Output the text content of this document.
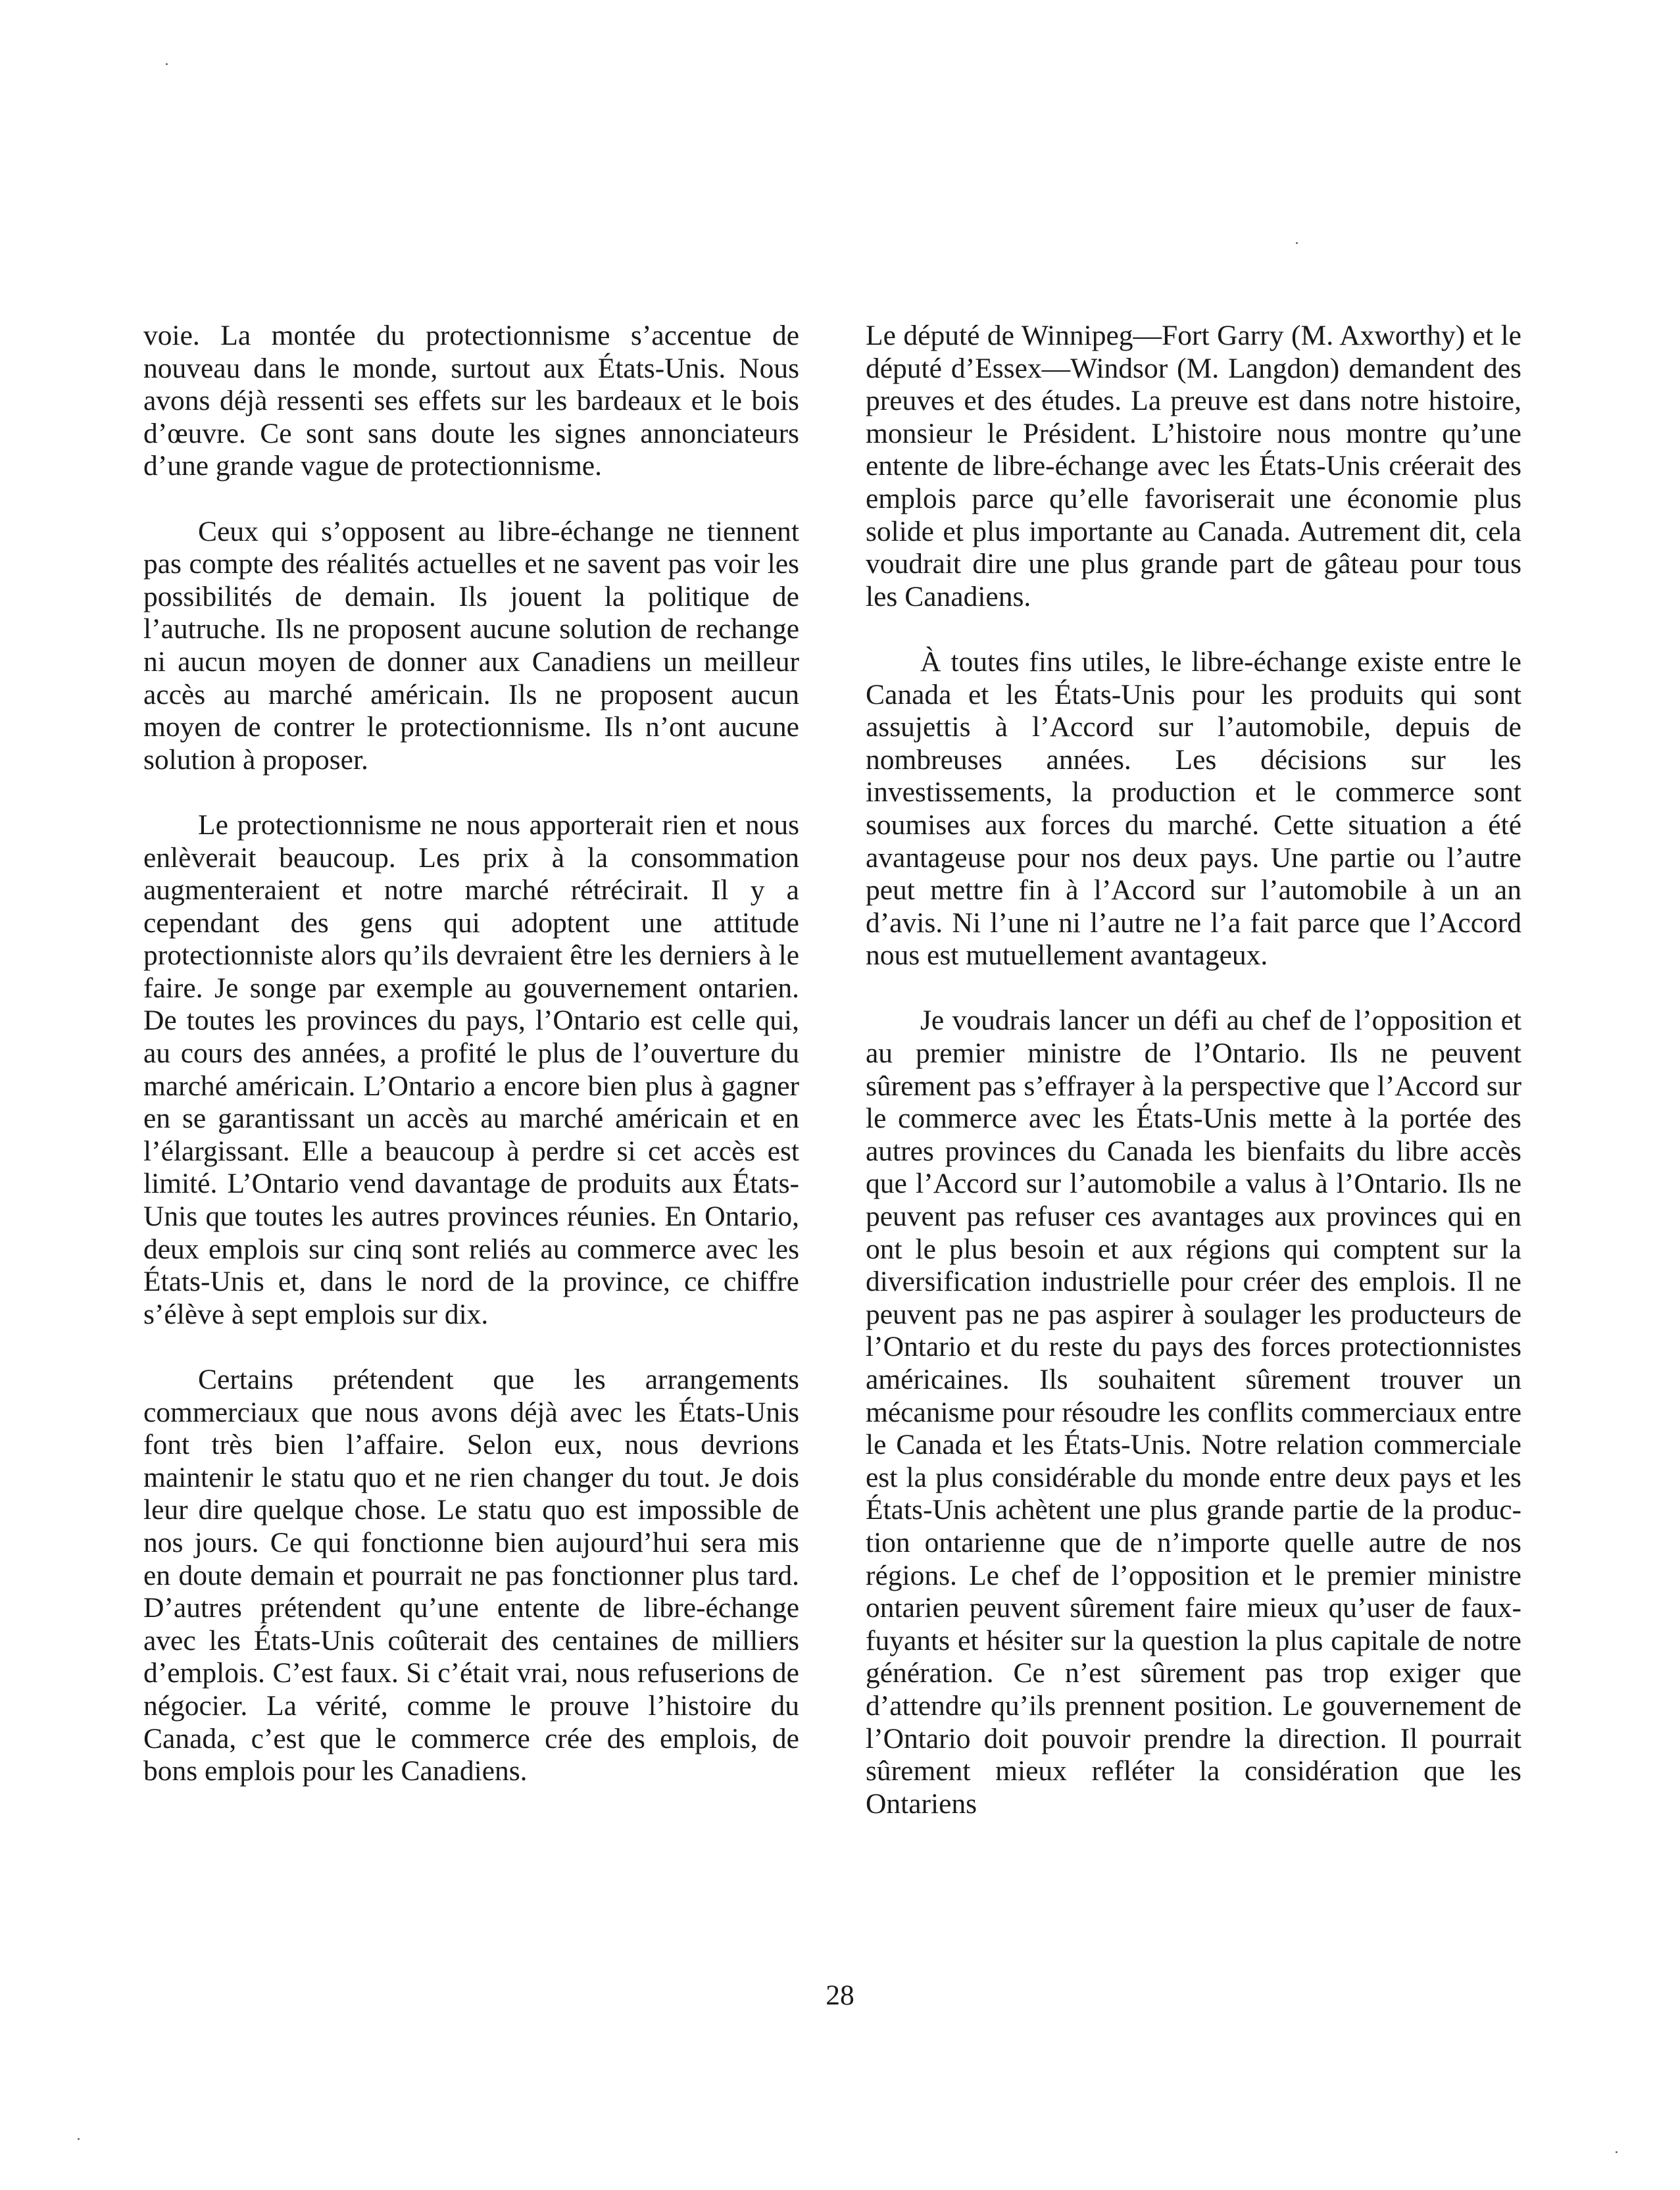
voie. La montée du protectionnisme s’accentue de nouveau dans le monde, surtout aux États-Unis. Nous avons déjà ressenti ses effets sur les bardeaux et le bois d’œuvre. Ce sont sans doute les signes annonciateurs d’une grande vague de protectionnisme.

Ceux qui s’opposent au libre-échange ne tiennent pas compte des réalités actuelles et ne savent pas voir les possibilités de demain. Ils jouent la politique de l’autruche. Ils ne proposent aucune solution de rechange ni aucun moyen de donner aux Canadiens un meilleur accès au marché américain. Ils ne proposent aucun moyen de contrer le protectionnisme. Ils n’ont aucune solution à proposer.

Le protectionnisme ne nous apporterait rien et nous enlèverait beaucoup. Les prix à la consommation augmenteraient et notre marché rétrécirait. Il y a cependant des gens qui adoptent une attitude protectionniste alors qu’ils devraient être les derniers à le faire. Je songe par exemple au gouvernement ontarien. De toutes les provinces du pays, l’Ontario est celle qui, au cours des années, a profité le plus de l’ouverture du marché américain. L’Ontario a encore bien plus à gagner en se garantissant un accès au marché américain et en l’élargissant. Elle a beaucoup à perdre si cet accès est limité. L’Ontario vend davantage de produits aux États-Unis que toutes les autres provinces réunies. En Ontario, deux emplois sur cinq sont reliés au commerce avec les États-Unis et, dans le nord de la province, ce chiffre s’élève à sept emplois sur dix.

Certains prétendent que les arrangements commerciaux que nous avons déjà avec les États-Unis font très bien l’affaire. Selon eux, nous devrions maintenir le statu quo et ne rien changer du tout. Je dois leur dire quelque chose. Le statu quo est impossible de nos jours. Ce qui fonctionne bien aujourd’hui sera mis en doute demain et pourrait ne pas fonctionner plus tard. D’autres prétendent qu’une entente de libre-échange avec les États-Unis coûterait des centaines de milliers d’emplois. C’est faux. Si c’était vrai, nous refuserions de négocier. La vérité, comme le prouve l’histoire du Canada, c’est que le commerce crée des emplois, de bons emplois pour les Canadiens.

Le député de Winnipeg—Fort Garry (M. Axworthy) et le député d’Essex—Windsor (M. Langdon) demandent des preuves et des études. La preuve est dans notre histoire, monsieur le Président. L’histoire nous montre qu’une entente de libre-échange avec les États-Unis créerait des emplois parce qu’elle favoriserait une économie plus solide et plus importante au Canada. Autrement dit, cela voudrait dire une plus grande part de gâteau pour tous les Canadiens.

À toutes fins utiles, le libre-échange existe entre le Canada et les États-Unis pour les produits qui sont assujettis à l’Accord sur l’automobile, depuis de nombreuses années. Les décisions sur les investissements, la production et le commerce sont soumises aux forces du marché. Cette situation a été avantageuse pour nos deux pays. Une partie ou l’autre peut mettre fin à l’Accord sur l’automobile à un an d’avis. Ni l’une ni l’autre ne l’a fait parce que l’Accord nous est mutuellement avantageux.

Je voudrais lancer un défi au chef de l’opposition et au premier ministre de l’Ontario. Ils ne peuvent sûrement pas s’effrayer à la perspective que l’Accord sur le commerce avec les États-Unis mette à la portée des autres provinces du Canada les bienfaits du libre accès que l’Accord sur l’automobile a valus à l’Ontario. Ils ne peuvent pas refuser ces avantages aux provinces qui en ont le plus besoin et aux régions qui comptent sur la diversification industrielle pour créer des emplois. Il ne peuvent pas ne pas aspirer à soulager les producteurs de l’Ontario et du reste du pays des forces protectionnistes américaines. Ils souhaitent sûrement trouver un mécanisme pour résoudre les conflits commerciaux entre le Canada et les États-Unis. Notre relation commerciale est la plus considérable du monde entre deux pays et les États-Unis achètent une plus grande partie de la production ontarienne que de n’importe quelle autre de nos régions. Le chef de l’opposition et le premier ministre ontarien peuvent sûrement faire mieux qu’user de faux-fuyants et hésiter sur la question la plus capitale de notre génération. Ce n’est sûrement pas trop exiger que d’attendre qu’ils prennent position. Le gouvernement de l’Ontario doit pouvoir prendre la direction. Il pourrait sûrement mieux refléter la considération que les Ontariens

28
